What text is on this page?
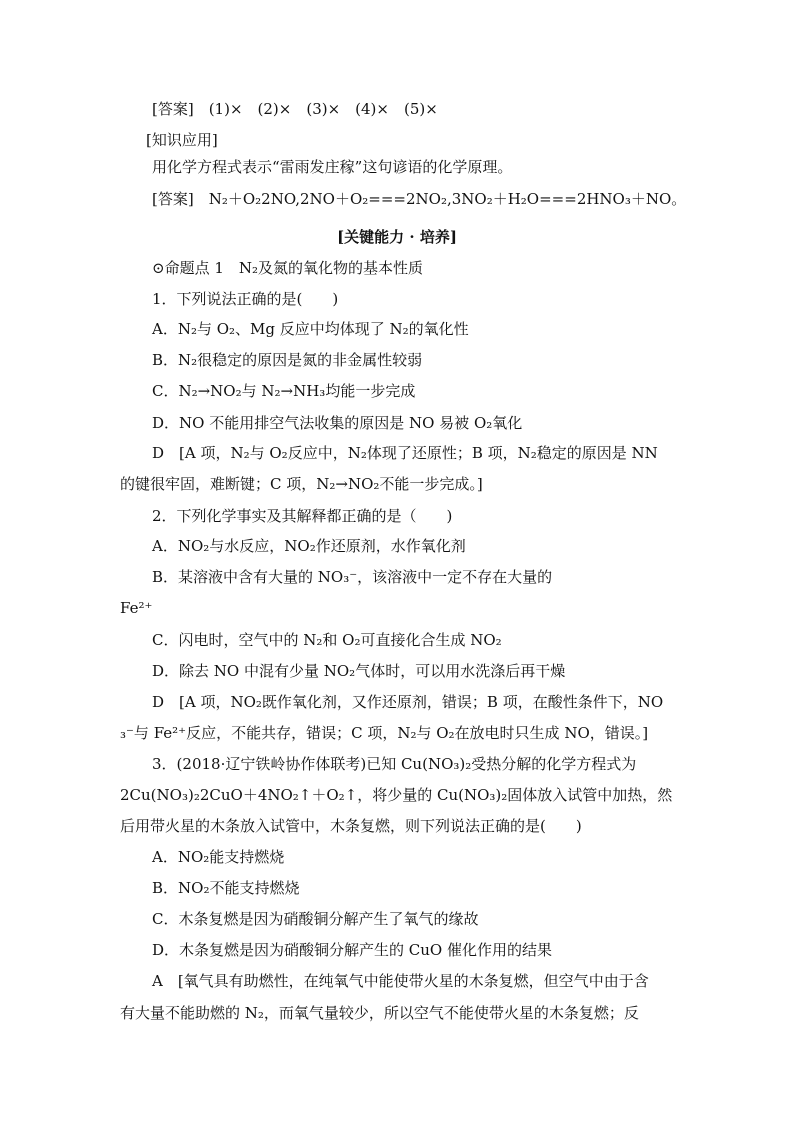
[答案]　(1)×　(2)×　(3)×　(4)×　(5)×
[知识应用]
用化学方程式表示“雷雨发庄稼”这句谚语的化学原理。
[答案]　N₂＋O₂2NO,2NO＋O₂===2NO₂,3NO₂＋H₂O===2HNO₃＋NO。
[关键能力 · 培养]
⊙命题点 1　N₂及氮的氧化物的基本性质
1．下列说法正确的是(　　)
A．N₂与 O₂、Mg 反应中均体现了 N₂的氧化性
B．N₂很稳定的原因是氮的非金属性较弱
C．N₂→NO₂与 N₂→NH₃均能一步完成
D．NO 不能用排空气法收集的原因是 NO 易被 O₂氧化
D　[A 项，N₂与 O₂反应中，N₂体现了还原性；B 项，N₂稳定的原因是 NN
的键很牢固，难断键；C 项，N₂→NO₂不能一步完成。]
2．下列化学事实及其解释都正确的是（　　)
A．NO₂与水反应，NO₂作还原剂，水作氧化剂
B．某溶液中含有大量的 NO₃⁻，该溶液中一定不存在大量的
Fe²⁺
C．闪电时，空气中的 N₂和 O₂可直接化合生成 NO₂
D．除去 NO 中混有少量 NO₂气体时，可以用水洗涤后再干燥
D　[A 项，NO₂既作氧化剂，又作还原剂，错误；B 项，在酸性条件下，NO
₃⁻与 Fe²⁺反应，不能共存，错误；C 项，N₂与 O₂在放电时只生成 NO，错误。]
3．(2018·辽宁铁岭协作体联考)已知 Cu(NO₃)₂受热分解的化学方程式为
2Cu(NO₃)₂2CuO＋4NO₂↑＋O₂↑，将少量的 Cu(NO₃)₂固体放入试管中加热，然
后用带火星的木条放入试管中，木条复燃，则下列说法正确的是(　　)
A．NO₂能支持燃烧
B．NO₂不能支持燃烧
C．木条复燃是因为硝酸铜分解产生了氧气的缘故
D．木条复燃是因为硝酸铜分解产生的 CuO 催化作用的结果
A　[氧气具有助燃性，在纯氧气中能使带火星的木条复燃，但空气中由于含
有大量不能助燃的 N₂，而氧气量较少，所以空气不能使带火星的木条复燃；反
